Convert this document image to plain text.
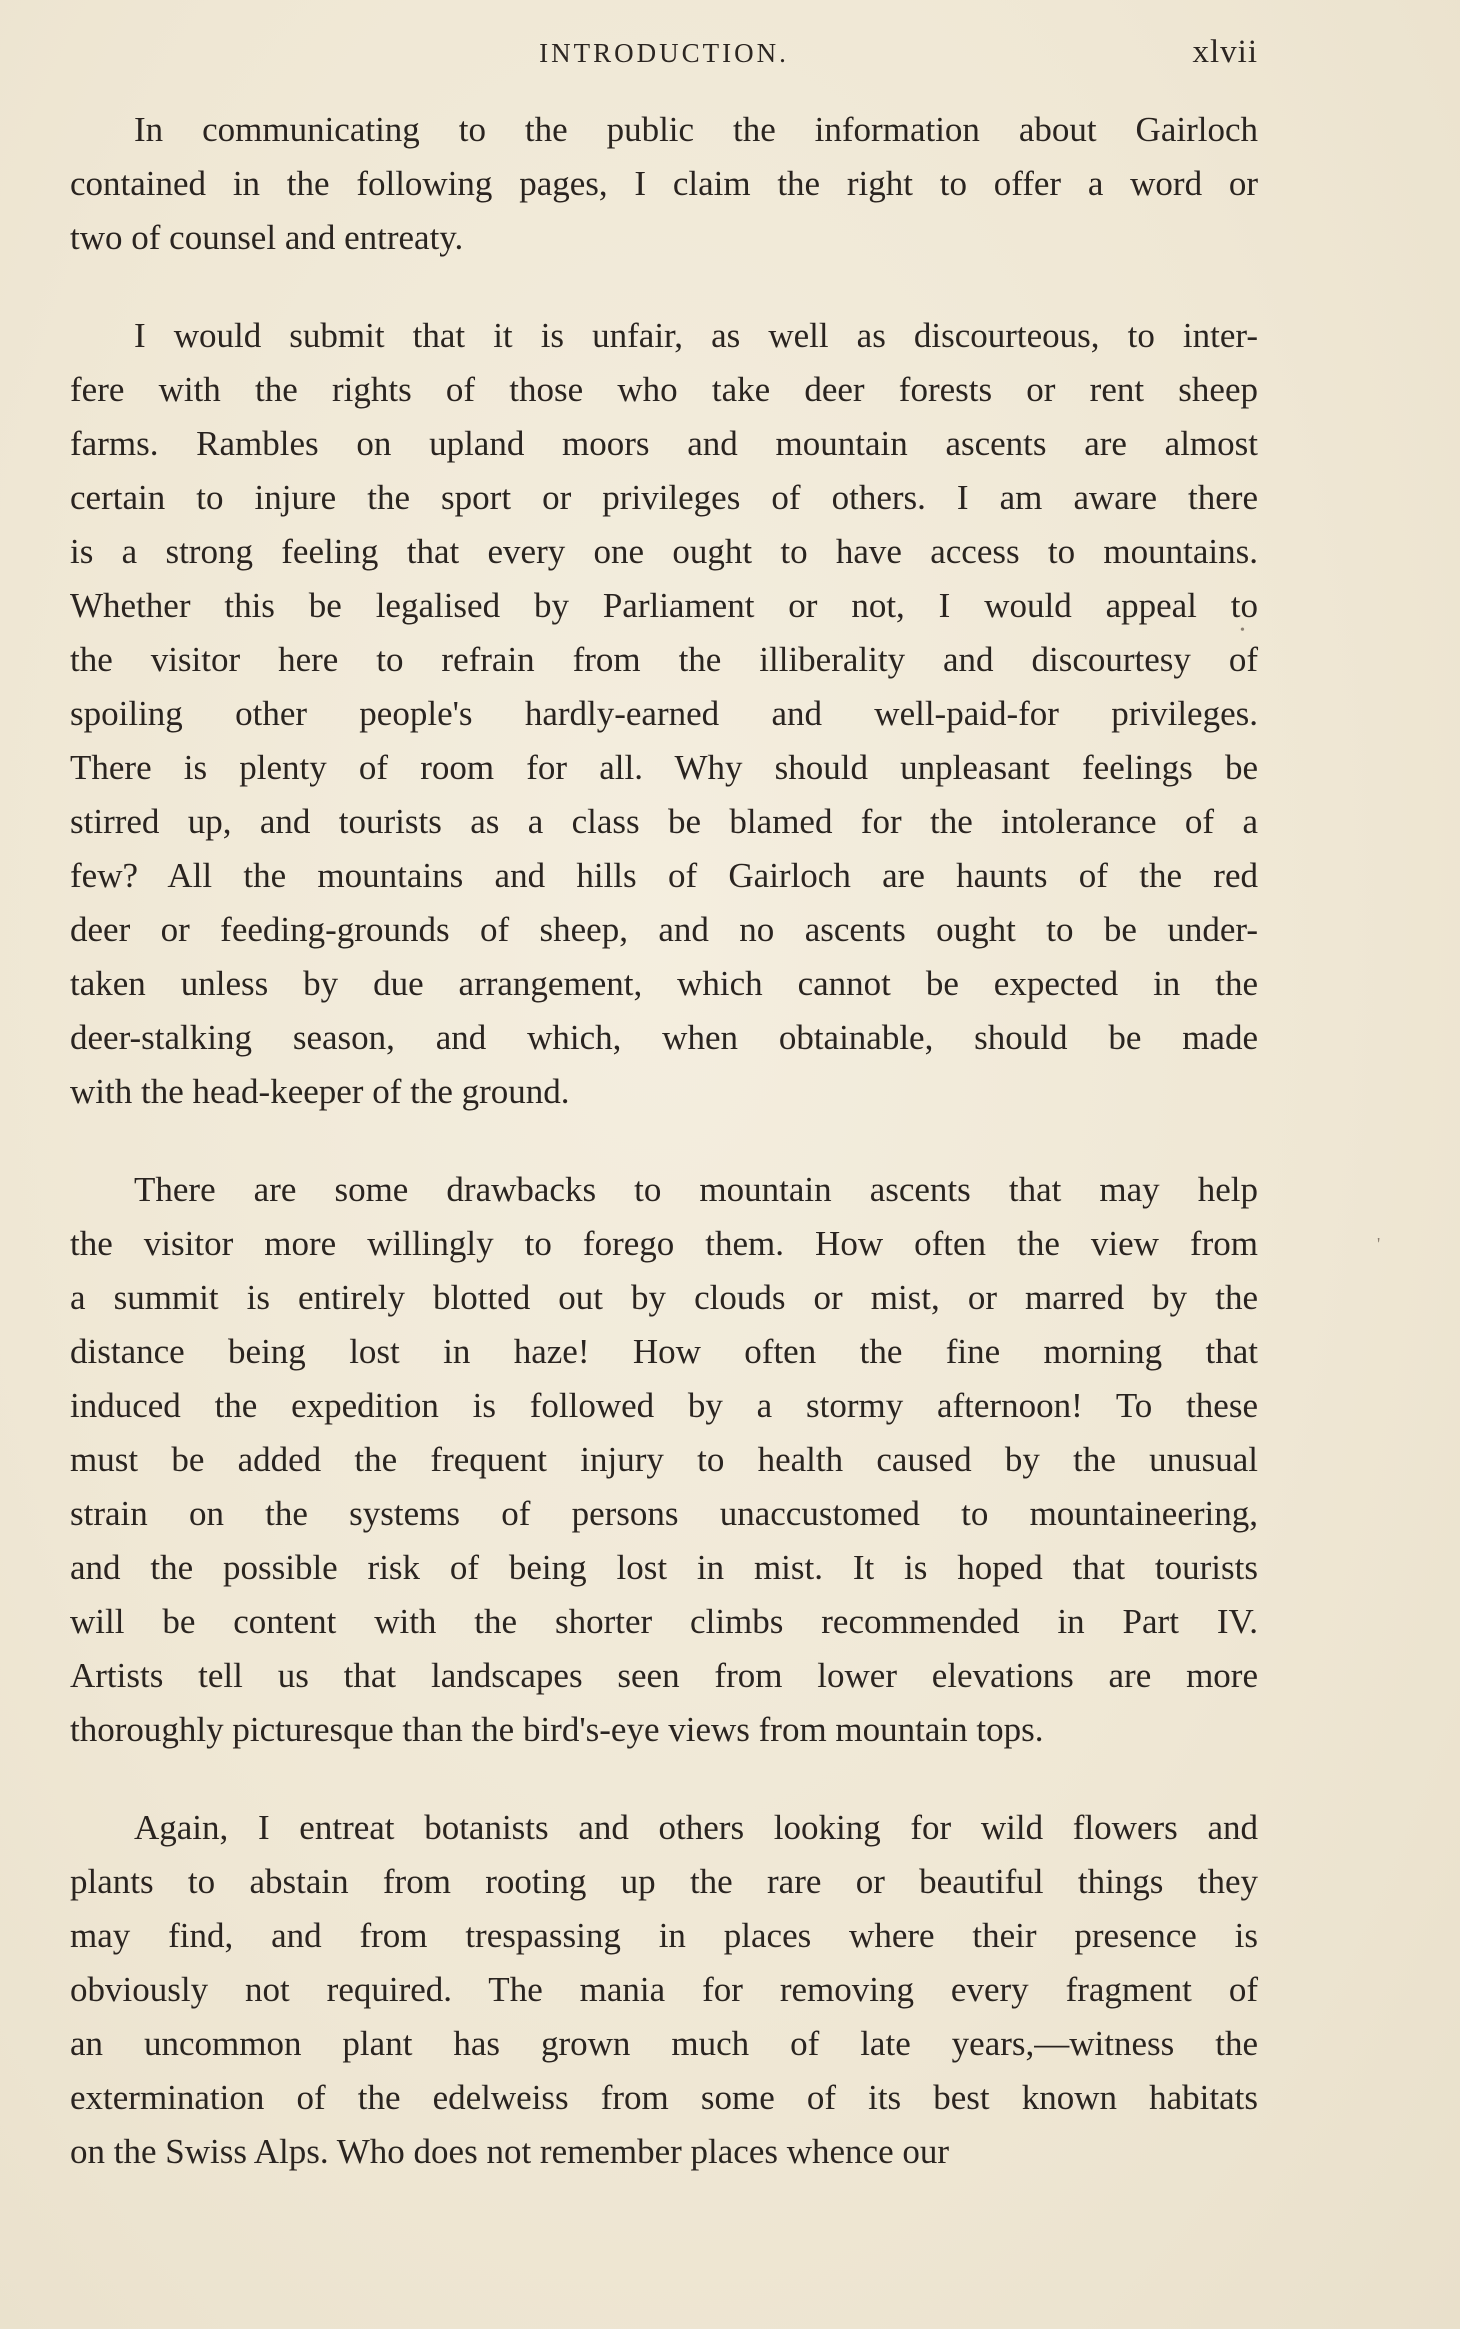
INTRODUCTION.	xlvii
In communicating to the public the information about Gairloch
contained in the following pages, I claim the right to offer a word or
two of counsel and entreaty.
I would submit that it is unfair, as well as discourteous, to inter-
fere with the rights of those who take deer forests or rent sheep
farms. Rambles on upland moors and mountain ascents are almost
certain to injure the sport or privileges of others. I am aware there
is a strong feeling that every one ought to have access to mountains.
Whether this be legalised by Parliament or not, I would appeal to
the visitor here to refrain from the illiberality and discourtesy of
spoiling other people's hardly-earned and well-paid-for privileges.
There is plenty of room for all. Why should unpleasant feelings be
stirred up, and tourists as a class be blamed for the intolerance of a
few? All the mountains and hills of Gairloch are haunts of the red
deer or feeding-grounds of sheep, and no ascents ought to be under-
taken unless by due arrangement, which cannot be expected in the
deer-stalking season, and which, when obtainable, should be made
with the head-keeper of the ground.
There are some drawbacks to mountain ascents that may help
the visitor more willingly to forego them. How often the view from
a summit is entirely blotted out by clouds or mist, or marred by the
distance being lost in haze! How often the fine morning that
induced the expedition is followed by a stormy afternoon! To these
must be added the frequent injury to health caused by the unusual
strain on the systems of persons unaccustomed to mountaineering,
and the possible risk of being lost in mist. It is hoped that tourists
will be content with the shorter climbs recommended in Part IV.
Artists tell us that landscapes seen from lower elevations are more
thoroughly picturesque than the bird's-eye views from mountain tops.
Again, I entreat botanists and others looking for wild flowers and
plants to abstain from rooting up the rare or beautiful things they
may find, and from trespassing in places where their presence is
obviously not required. The mania for removing every fragment of
an uncommon plant has grown much of late years,—witness the
extermination of the edelweiss from some of its best known habitats
on the Swiss Alps. Who does not remember places whence our
'
•
